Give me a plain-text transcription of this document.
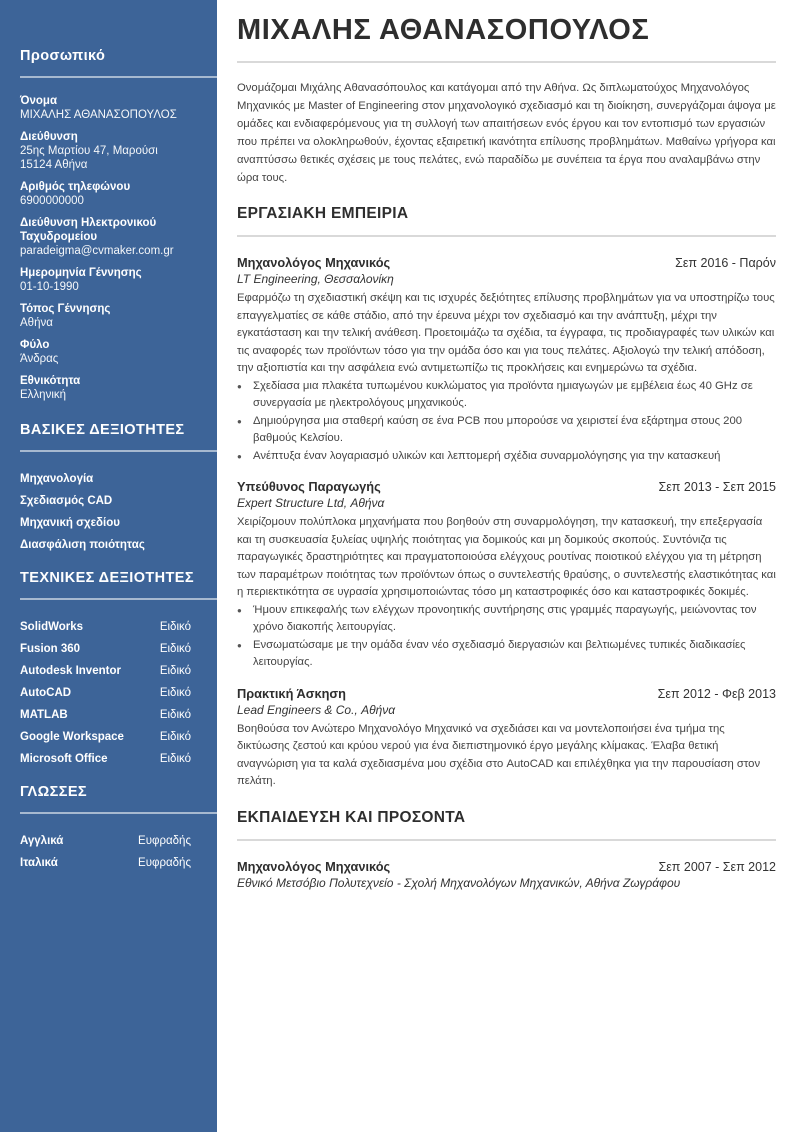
Προσωπικό
Όνομα
ΜΙΧΑΛΗΣ ΑΘΑΝΑΣΟΠΟΥΛΟΣ
Διεύθυνση
25ης Μαρτίου 47, Μαρούσι
15124 Αθήνα
Αριθμός τηλεφώνου
6900000000
Διεύθυνση Ηλεκτρονικού
Ταχυδρομείου
paradeigma@cvmaker.com.gr
Ημερομηνία Γέννησης
01-10-1990
Τόπος Γέννησης
Αθήνα
Φύλο
Άνδρας
Εθνικότητα
Ελληνική
ΒΑΣΙΚΕΣ ΔΕΞΙΟΤΗΤΕΣ
Μηχανολογία
Σχεδιασμός CAD
Μηχανική σχεδίου
Διασφάλιση ποιότητας
ΤΕΧΝΙΚΕΣ ΔΕΞΙΟΤΗΤΕΣ
SolidWorks	Ειδικό
Fusion 360	Ειδικό
Autodesk Inventor	Ειδικό
AutoCAD	Ειδικό
MATLAB	Ειδικό
Google Workspace	Ειδικό
Microsoft Office	Ειδικό
ΓΛΩΣΣΕΣ
Αγγλικά	Ευφραδής
Ιταλικά	Ευφραδής
ΜΙΧΑΛΗΣ ΑΘΑΝΑΣΟΠΟΥΛΟΣ

Ονομάζομαι Μιχάλης Αθανασόπουλος και κατάγομαι από την Αθήνα. Ως διπλωματούχος Μηχανολόγος Μηχανικός με Master of Engineering στον μηχανολογικό σχεδιασμό και τη διοίκηση, συνεργάζομαι άψογα με ομάδες και ενδιαφερόμενους για τη συλλογή των απαιτήσεων ενός έργου και τον εντοπισμό των εργασιών που πρέπει να ολοκληρωθούν, έχοντας εξαιρετική ικανότητα επίλυσης προβλημάτων. Μαθαίνω γρήγορα και αναπτύσσω θετικές σχέσεις με τους πελάτες, ενώ παραδίδω με συνέπεια τα έργα που αναλαμβάνω στην ώρα τους.

ΕΡΓΑΣΙΑΚΗ ΕΜΠΕΙΡΙΑ
Μηχανολόγος Μηχανικός	Σεπ 2016 - Παρόν
LT Engineering, Θεσσαλονίκη
Εφαρμόζω τη σχεδιαστική σκέψη και τις ισχυρές δεξιότητες επίλυσης προβλημάτων για να υποστηρίζω τους επαγγελματίες σε κάθε στάδιο, από την έρευνα μέχρι τον σχεδιασμό και την ανάπτυξη, μέχρι την εγκατάσταση και την τελική ανάθεση. Προετοιμάζω τα σχέδια, τα έγγραφα, τις προδιαγραφές των υλικών και τις αναφορές των προϊόντων τόσο για την ομάδα όσο και για τους πελάτες. Αξιολογώ την τελική απόδοση, την αξιοπιστία και την ασφάλεια ενώ αντιμετωπίζω τις προκλήσεις και ενημερώνω τα σχέδια.
● Σχεδίασα μια πλακέτα τυπωμένου κυκλώματος για προϊόντα ημιαγωγών με εμβέλεια έως 40 GHz σε συνεργασία με ηλεκτρολόγους μηχανικούς.
● Δημιούργησα μια σταθερή καύση σε ένα PCB που μπορούσε να χειριστεί ένα εξάρτημα στους 200 βαθμούς Κελσίου.
● Ανέπτυξα έναν λογαριασμό υλικών και λεπτομερή σχέδια συναρμολόγησης για την κατασκευή
Υπεύθυνος Παραγωγής	Σεπ 2013 - Σεπ 2015
Expert Structure Ltd, Αθήνα
Χειρίζομουν πολύπλοκα μηχανήματα που βοηθούν στη συναρμολόγηση, την κατασκευή, την επεξεργασία και τη συσκευασία ξυλείας υψηλής ποιότητας για δομικούς και μη δομικούς σκοπούς. Συντόνιζα τις παραγωγικές δραστηριότητες και πραγματοποιούσα ελέγχους ρουτίνας ποιοτικού ελέγχου για τη μέτρηση των παραμέτρων ποιότητας των προϊόντων όπως ο συντελεστής θραύσης, ο συντελεστής ελαστικότητας και η περιεκτικότητα σε υγρασία χρησιμοποιώντας τόσο μη καταστροφικές όσο και καταστροφικές δοκιμές.
● Ήμουν επικεφαλής των ελέγχων προνοητικής συντήρησης στις γραμμές παραγωγής, μειώνοντας τον χρόνο διακοπής λειτουργίας.
● Ενσωματώσαμε με την ομάδα έναν νέο σχεδιασμό διεργασιών και βελτιωμένες τυπικές διαδικασίες λειτουργίας.
Πρακτική Άσκηση	Σεπ 2012 - Φεβ 2013
Lead Engineers & Co., Αθήνα
Βοηθούσα τον Ανώτερο Μηχανολόγο Μηχανικό να σχεδιάσει και να μοντελοποιήσει ένα τμήμα της δικτύωσης ζεστού και κρύου νερού για ένα διεπιστημονικό έργο μεγάλης κλίμακας. Έλαβα θετική αναγνώριση για τα καλά σχεδιασμένα μου σχέδια στο AutoCAD και επιλέχθηκα για την παρουσίαση στον πελάτη.
ΕΚΠΑΙΔΕΥΣΗ ΚΑΙ ΠΡΟΣΟΝΤΑ
Μηχανολόγος Μηχανικός	Σεπ 2007 - Σεπ 2012
Εθνικό Μετσόβιο Πολυτεχνείο - Σχολή Μηχανολόγων Μηχανικών, Αθήνα Ζωγράφου
